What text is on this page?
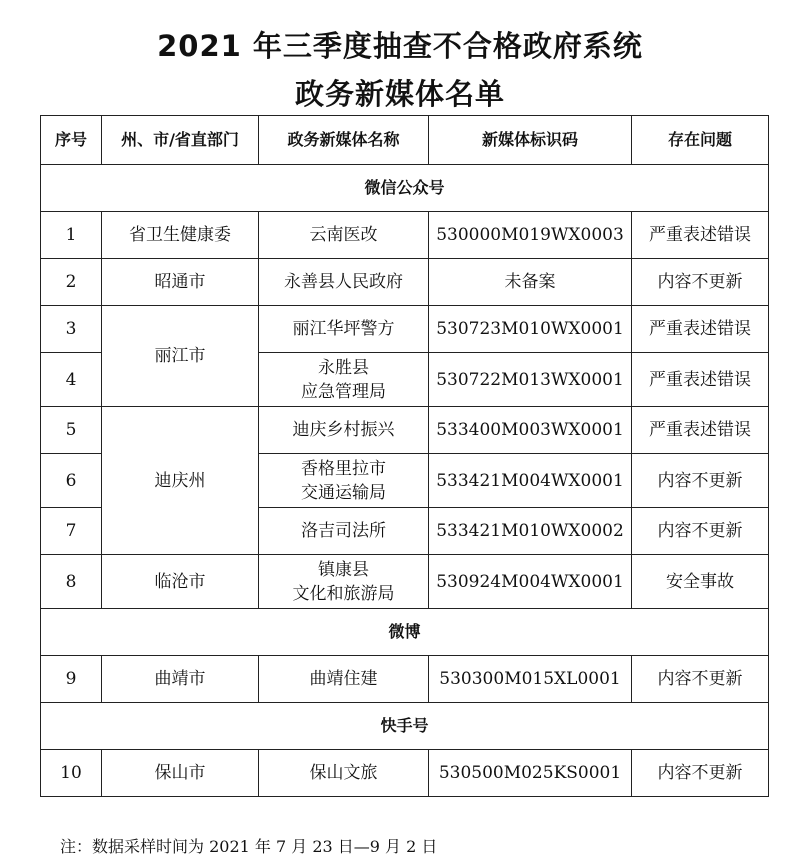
2021 年三季度抽查不合格政府系统
政务新媒体名单
序号	州、市/省直部门	政务新媒体名称	新媒体标识码	存在问题
微信公众号				
1	省卫生健康委	云南医改	530000M019WX0003	严重表述错误
2	昭通市	永善县人民政府	未备案	内容不更新
3	丽江市	丽江华坪警方	530723M010WX0001	严重表述错误
4		永胜县
应急管理局	530722M013WX0001	严重表述错误
5	迪庆州	迪庆乡村振兴	533400M003WX0001	严重表述错误
6		香格里拉市
交通运输局	533421M004WX0001	内容不更新
7		洛吉司法所	533421M010WX0002	内容不更新
8	临沧市	镇康县
文化和旅游局	530924M004WX0001	安全事故
微博				
9	曲靖市	曲靖住建	530300M015XL0001	内容不更新
快手号				
10	保山市	保山文旅	530500M025KS0001	内容不更新
注：数据采样时间为 2021 年 7 月 23 日—9 月 2 日
